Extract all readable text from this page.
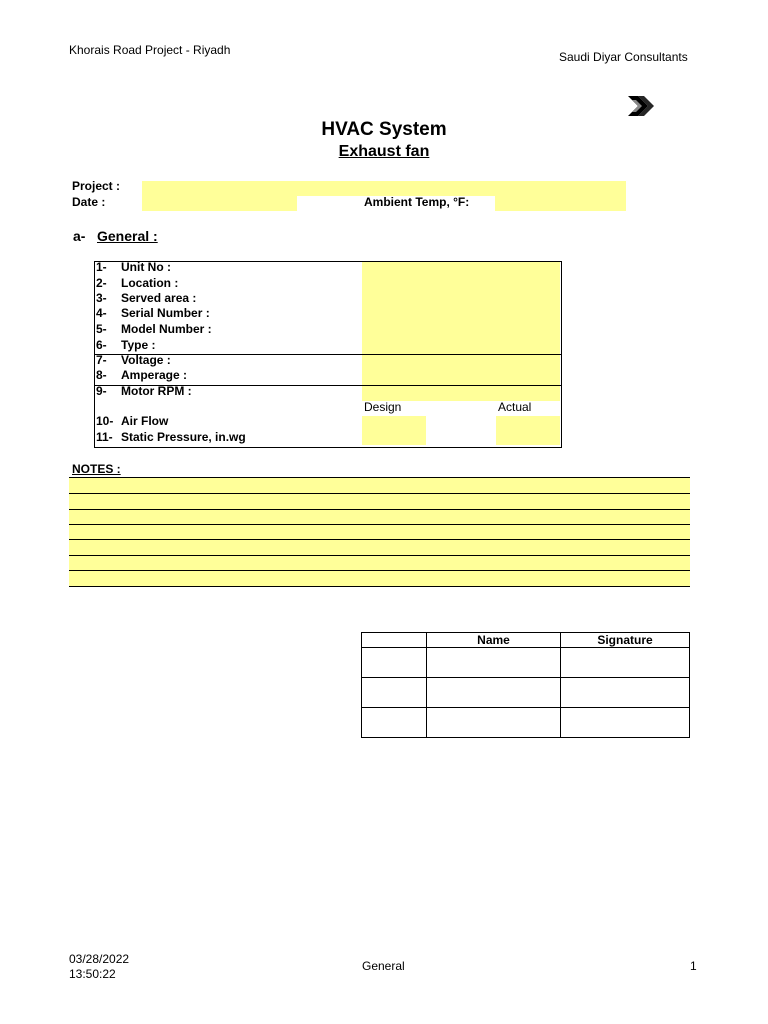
Khorais Road Project - Riyadh	Saudi Diyar Consultants
HVAC System
Exhaust fan
Project :
Date :	Ambient Temp, °F:
a- General :
1- Unit No :
2- Location :
3- Served area :
4- Serial Number :
5- Model Number :
6- Type :
7- Voltage :
8- Amperage :
9- Motor RPM :
10- Air Flow
11- Static Pressure, in.wg
Design	Actual
NOTES :
	Name	Signature

03/28/2022
13:50:22
General	1
